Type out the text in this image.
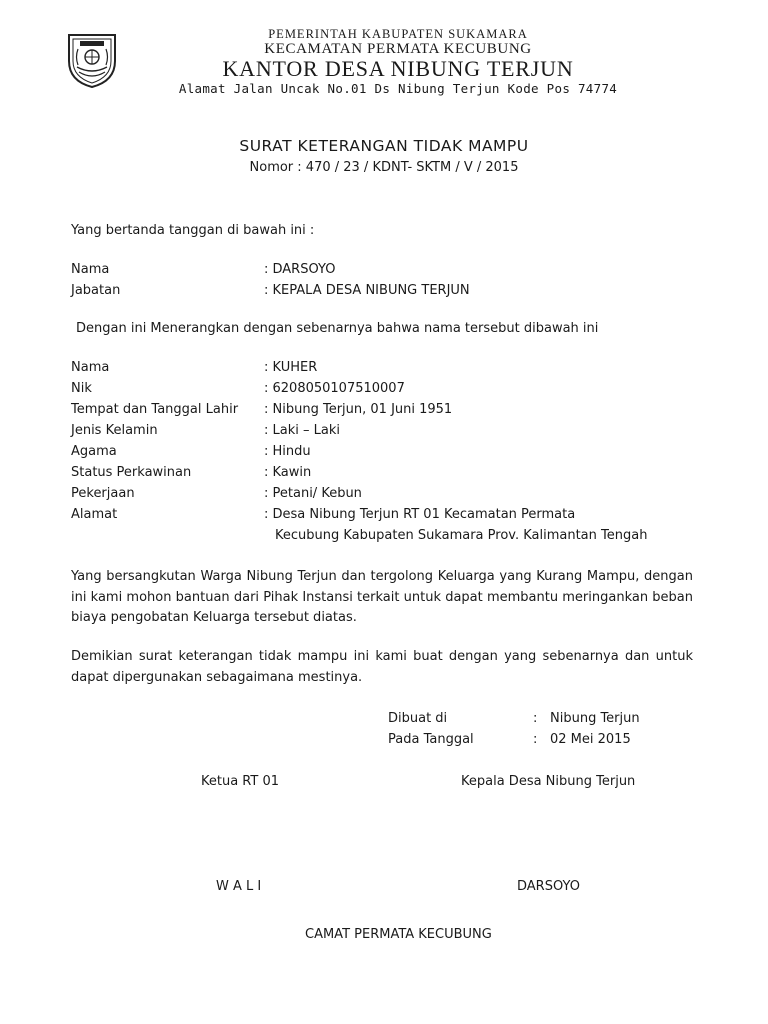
PEMERINTAH KABUPATEN SUKAMARA
KECAMATAN PERMATA KECUBUNG
KANTOR DESA NIBUNG TERJUN
Alamat Jalan Uncak No.01 Ds Nibung Terjun Kode Pos 74774
SURAT KETERANGAN TIDAK MAMPU
Nomor : 470 / 23 / KDNT- SKTM / V / 2015
Yang bertanda tanggan di bawah ini :
Nama	: DARSOYO
Jabatan	: KEPALA DESA NIBUNG TERJUN
Dengan ini Menerangkan dengan sebenarnya bahwa nama tersebut dibawah ini
Nama	: KUHER
Nik	: 6208050107510007
Tempat dan Tanggal Lahir : Nibung Terjun, 01 Juni 1951
Jenis Kelamin	: Laki – Laki
Agama	: Hindu
Status Perkawinan	: Kawin
Pekerjaan	: Petani/ Kebun
Alamat	: Desa Nibung Terjun RT 01 Kecamatan Permata
Kecubung Kabupaten Sukamara Prov. Kalimantan Tengah
Yang bersangkutan Warga Nibung Terjun dan tergolong Keluarga yang Kurang Mampu, dengan ini kami mohon bantuan dari Pihak Instansi terkait untuk dapat membantu meringankan beban biaya pengobatan Keluarga tersebut diatas.
Demikian surat keterangan tidak mampu ini kami buat dengan yang sebenarnya dan untuk dapat dipergunakan sebagaimana mestinya.
Dibuat di	: Nibung Terjun
Pada Tanggal	: 02 Mei 2015
Ketua RT 01	Kepala Desa Nibung Terjun
W A L I	DARSOYO
CAMAT PERMATA KECUBUNG
